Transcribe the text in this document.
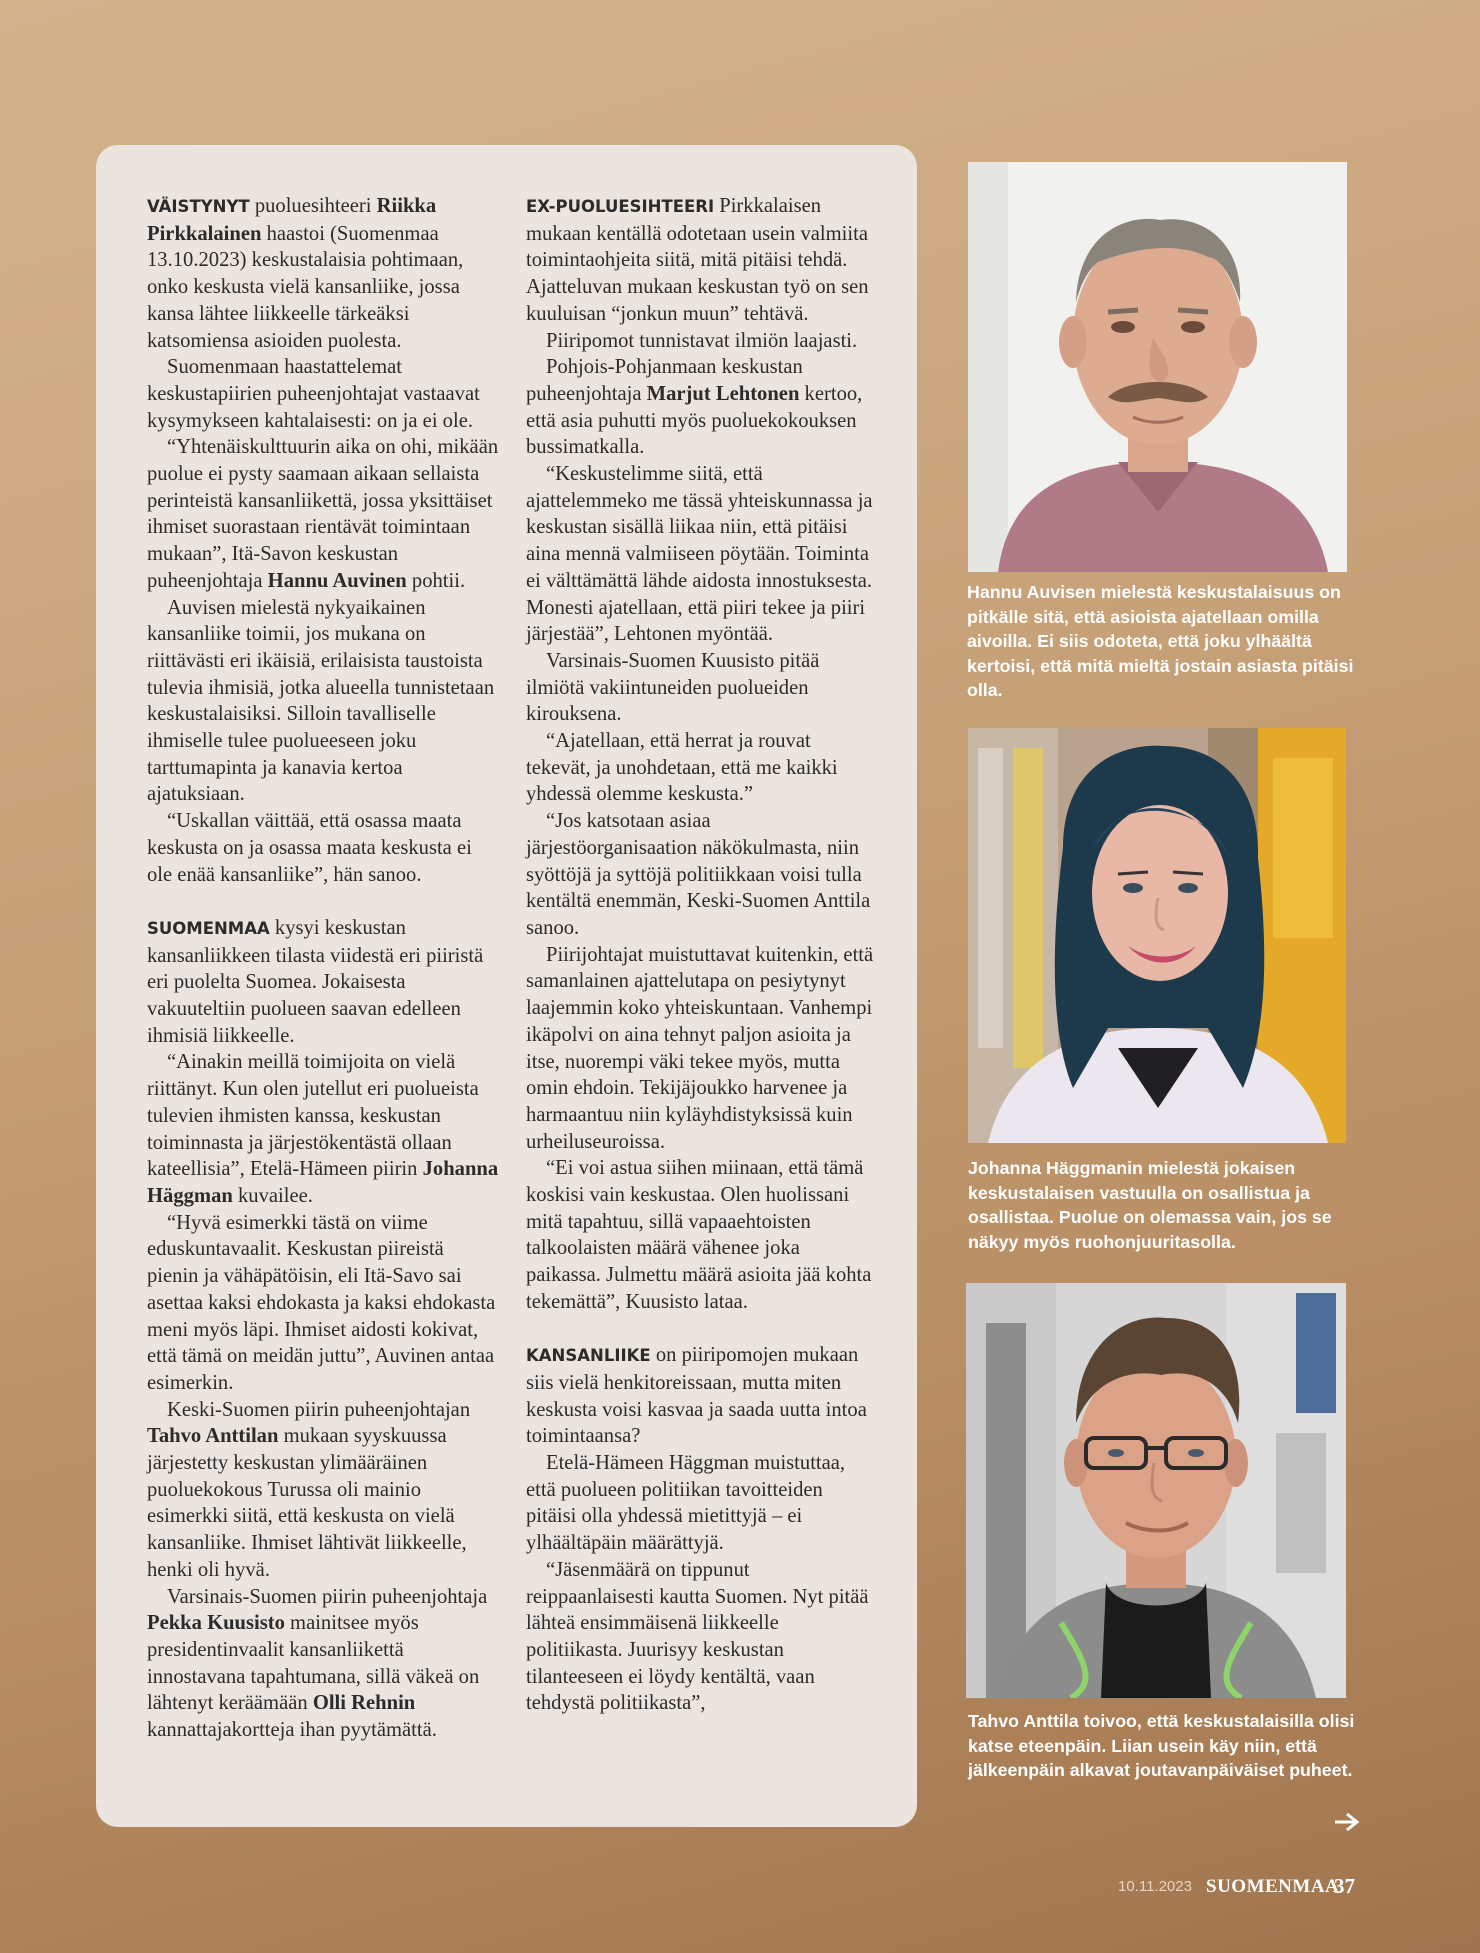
VÄISTYNYT puoluesihteeri Riikka Pirkkalainen haastoi (Suomenmaa 13.10.2023) keskustalaisia pohtimaan, onko keskusta vielä kansanliike, jossa kansa lähtee liikkeelle tärkeäksi katsomiensa asioiden puolesta.

Suomenmaan haastattelemat keskustapiirien puheenjohtajat vastaavat kysymykseen kahtalaisesti: on ja ei ole.

“Yhtenäiskulttuurin aika on ohi, mikään puolue ei pysty saamaan aikaan sellaista perinteistä kansanliikettä, jossa yksittäiset ihmiset suorastaan rientävät toimintaan mukaan”, Itä-Savon keskustan puheenjohtaja Hannu Auvinen pohtii.

Auvisen mielestä nykyaikainen kansanliike toimii, jos mukana on riittävästi eri ikäisiä, erilaisista taustoista tulevia ihmisiä, jotka alueella tunnistetaan keskustalaisiksi. Silloin tavalliselle ihmiselle tulee puolueeseen joku tarttumapinta ja kanavia kertoa ajatuksiaan.

“Uskallan väittää, että osassa maata keskusta on ja osassa maata keskusta ei ole enää kansanliike”, hän sanoo.

SUOMENMAA kysyi keskustan kansanliikkeen tilasta viidestä eri piiristä eri puolelta Suomea. Jokaisesta vakuuteltiin puolueen saavan edelleen ihmisiä liikkeelle.

“Ainakin meillä toimijoita on vielä riittänyt. Kun olen jutellut eri puolueista tulevien ihmisten kanssa, keskustan toiminnasta ja järjestökentästä ollaan kateellisia”, Etelä-Hämeen piirin Johanna Häggman kuvailee.

“Hyvä esimerkki tästä on viime eduskuntavaalit. Keskustan piireistä pienin ja vähäpätöisin, eli Itä-Savo sai asettaa kaksi ehdokasta ja kaksi ehdokasta meni myös läpi. Ihmiset aidosti kokivat, että tämä on meidän juttu”, Auvinen antaa esimerkin.

Keski-Suomen piirin puheenjohtajan Tahvo Anttilan mukaan syyskuussa järjestetty keskustan ylimääräinen puoluekokous Turussa oli mainio esimerkki siitä, että keskusta on vielä kansanliike. Ihmiset lähtivät liikkeelle, henki oli hyvä.

Varsinais-Suomen piirin puheenjohtaja Pekka Kuusisto mainitsee myös presidentinvaalit kansanliikettä innostavana tapahtumana, sillä väkeä on lähtenyt keräämään Olli Rehnin kannattajakortteja ihan pyytämättä.

EX-PUOLUESIHTEERI Pirkkalaisen mukaan kentällä odotetaan usein valmiita toimintaohjeita siitä, mitä pitäisi tehdä. Ajatteluvan mukaan keskustan työ on sen kuuluisan “jonkun muun” tehtävä.

Piiripomot tunnistavat ilmiön laajasti.

Pohjois-Pohjanmaan keskustan puheenjohtaja Marjut Lehtonen kertoo, että asia puhutti myös puoluekokouksen bussimatkalla.

“Keskustelimme siitä, että ajattelemmeko me tässä yhteiskunnassa ja keskustan sisällä liikaa niin, että pitäisi aina mennä valmiiseen pöytään. Toiminta ei välttämättä lähde aidosta innostuksesta. Monesti ajatellaan, että piiri tekee ja piiri järjestää”, Lehtonen myöntää.

Varsinais-Suomen Kuusisto pitää ilmiötä vakiintuneiden puolueiden kirouksena.

“Ajatellaan, että herrat ja rouvat tekevät, ja unohdetaan, että me kaikki yhdessä olemme keskusta.”

“Jos katsotaan asiaa järjestöorganisaation näkökulmasta, niin syöttöjä ja syttöjä politiikkaan voisi tulla kentältä enemmän, Keski-Suomen Anttila sanoo.

Piirijohtajat muistuttavat kuitenkin, että samanlainen ajattelutapa on pesiytynyt laajemmin koko yhteiskuntaan. Vanhempi ikäpolvi on aina tehnyt paljon asioita ja itse, nuorempi väki tekee myös, mutta omin ehdoin. Tekijäjoukko harvenee ja harmaantuu niin kyläyhdistyksissä kuin urheiluseuroissa.

“Ei voi astua siihen miinaan, että tämä koskisi vain keskustaa. Olen huolissani mitä tapahtuu, sillä vapaaehtoisten talkoolaisten määrä vähenee joka paikassa. Julmettu määrä asioita jää kohta tekemättä”, Kuusisto lataa.

KANSANLIIKE on piiripomojen mukaan siis vielä henkitoreissaan, mutta miten keskusta voisi kasvaa ja saada uutta intoa toimintaansa?

Etelä-Hämeen Häggman muistuttaa, että puolueen politiikan tavoitteiden pitäisi olla yhdessä mietittyjä – ei ylhäältäpäin määrättyjä.

“Jäsenmäärä on tippunut reippaanlaisesti kautta Suomen. Nyt pitää lähteä ensimmäisenä liikkeelle politiikasta. Juurisyy keskustan tilanteeseen ei löydy kentältä, vaan tehdystä politiikasta”,

Hannu Auvisen mielestä keskustalaisuus on pitkälle sitä, että asioista ajatellaan omilla aivoilla. Ei siis odoteta, että joku ylhäältä kertoisi, että mitä mieltä jostain asiasta pitäisi olla.
Johanna Häggmanin mielestä jokaisen keskustalaisen vastuulla on osallistua ja osallistaa. Puolue on olemassa vain, jos se näkyy myös ruohonjuuritasolla.
Tahvo Anttila toivoo, että keskustalaisilla olisi katse eteenpäin. Liian usein käy niin, että jälkeenpäin alkavat joutavanpäiväiset puheet.
10.11.2023 SUOMENMAA
37
